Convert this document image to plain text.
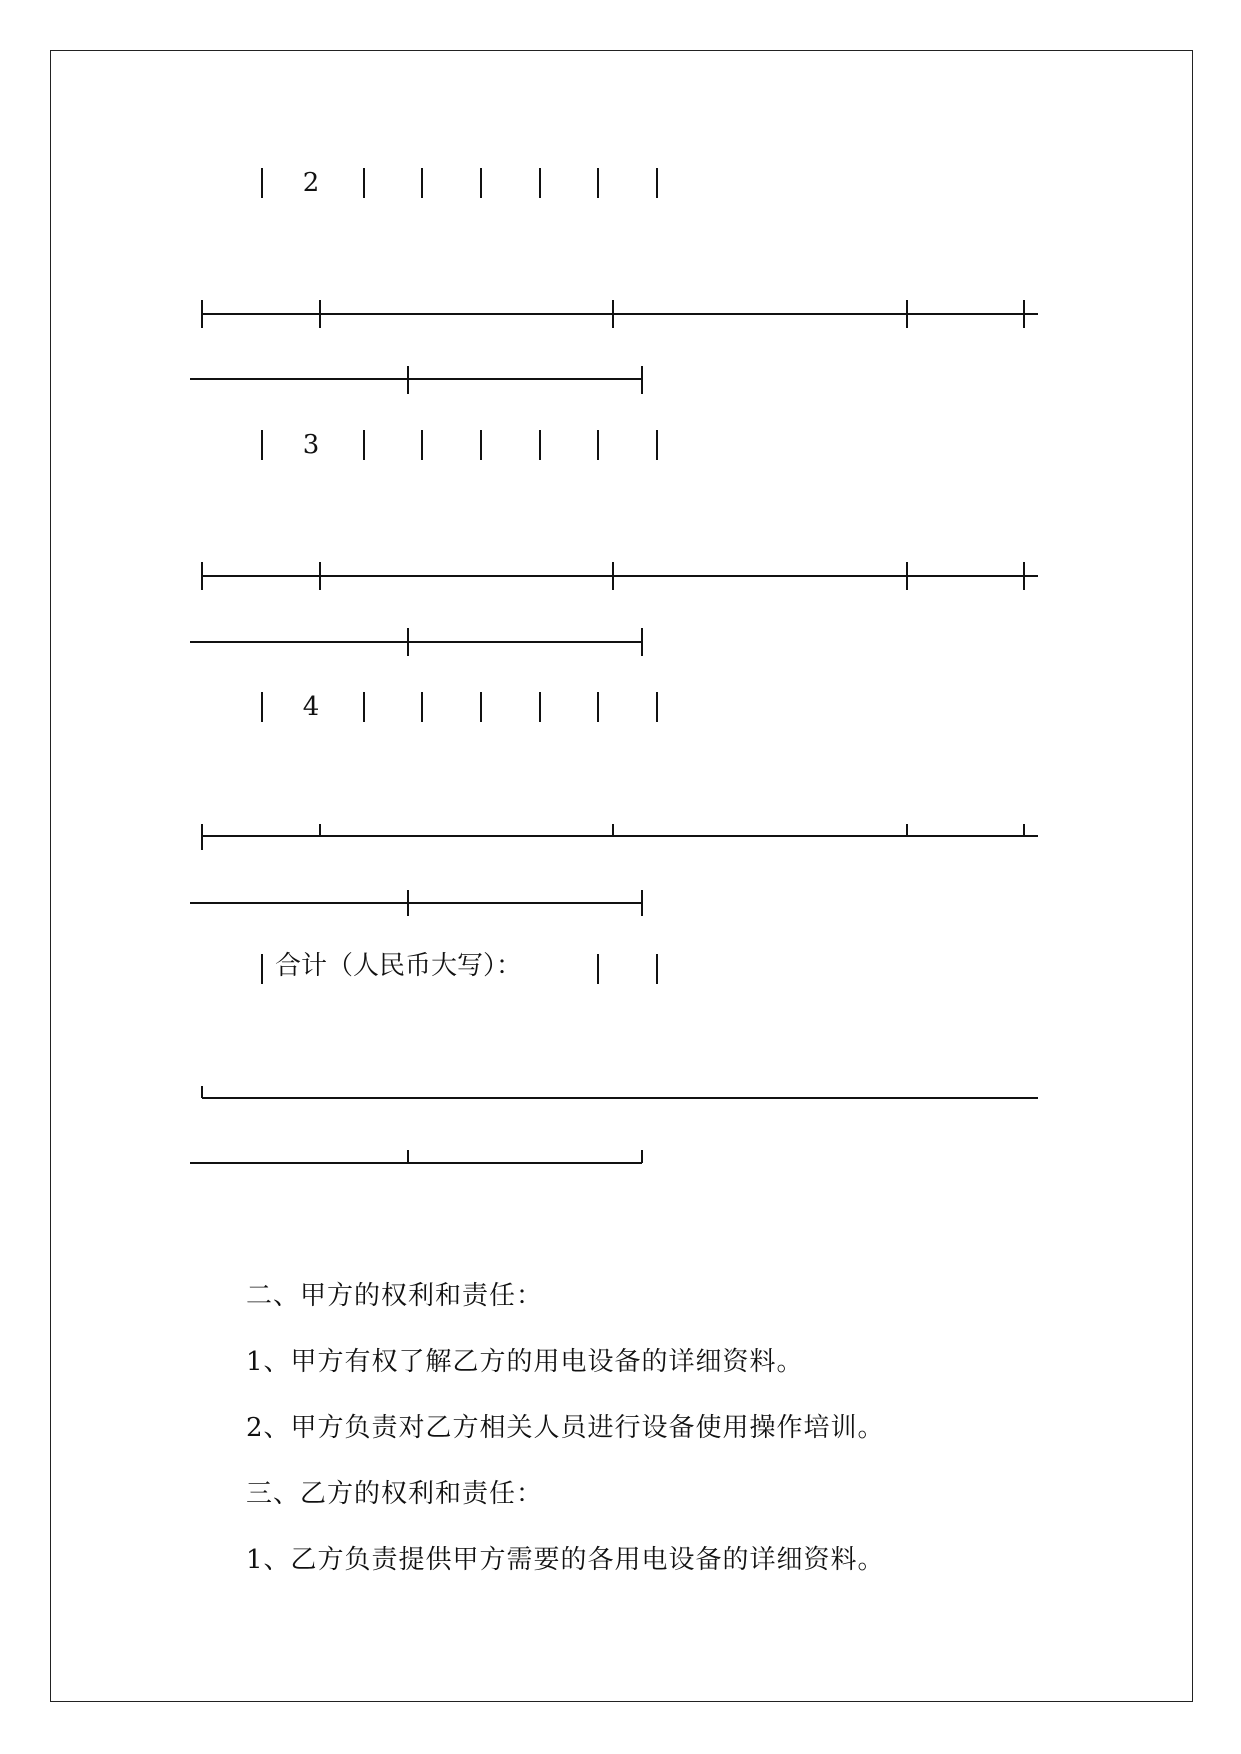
2
3
4
合计（人民币大写）：
二、甲方的权利和责任：
1、甲方有权了解乙方的用电设备的详细资料。
2、甲方负责对乙方相关人员进行设备使用操作培训。
三、乙方的权利和责任：
1、乙方负责提供甲方需要的各用电设备的详细资料。
